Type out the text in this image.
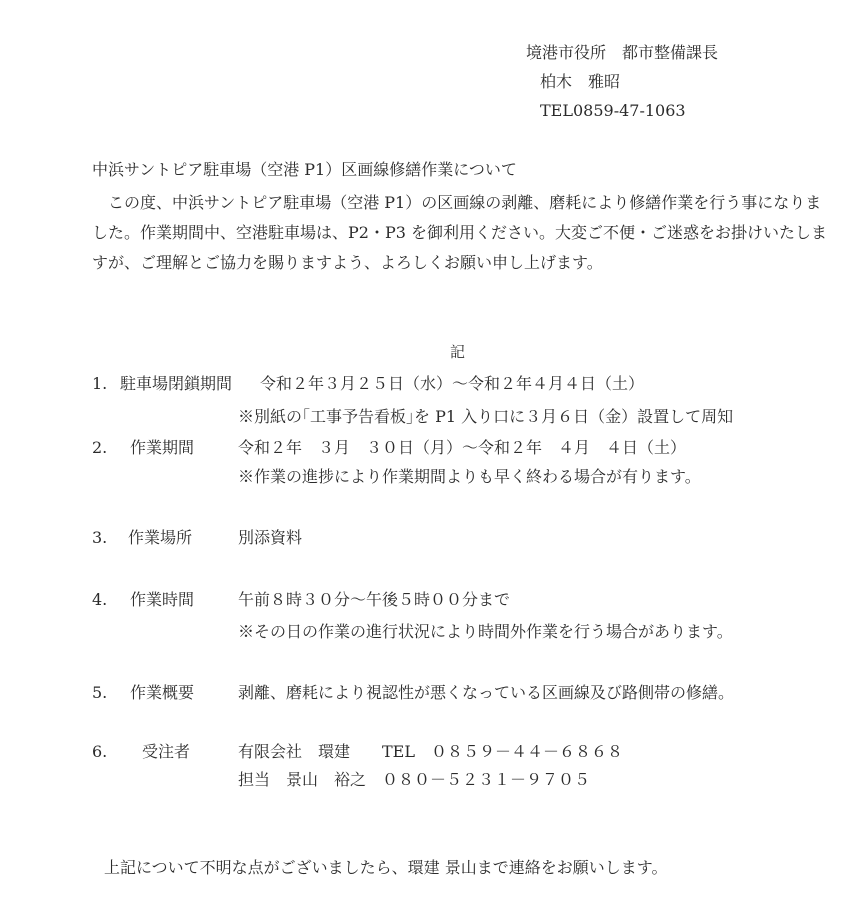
境港市役所　都市整備課長
柏木　雅昭
TEL0859-47-1063
中浜サントピア駐車場（空港 P1）区画線修繕作業について
この度、中浜サントピア駐車場（空港 P1）の区画線の剥離、磨耗により修繕作業を行う事になりました。作業期間中、空港駐車場は、P2・P3 を御利用ください。大変ご不便・ご迷惑をお掛けいたしますが、ご理解とご協力を賜りますよう、よろしくお願い申し上げます。
記
1. 駐車場閉鎖期間 令和２年３月２５日（水）～令和２年４月４日（土）
※別紙の｢工事予告看板｣を P1 入り口に３月６日（金）設置して周知
2. 作業期間	令和２年　３月　３０日（月）～令和２年　４月　４日（土）
※作業の進捗により作業期間よりも早く終わる場合が有ります。
3. 作業場所	別添資料
4. 作業時間	午前８時３０分～午後５時００分まで
※その日の作業の進行状況により時間外作業を行う場合があります。
5. 作業概要	剥離、磨耗により視認性が悪くなっている区画線及び路側帯の修繕。
6. 受注者	有限会社　環建　　TEL　０８５９－４４－６８６８
担当　景山　裕之　０８０－５２３１－９７０５
上記について不明な点がございましたら、環建 景山まで連絡をお願いします。
